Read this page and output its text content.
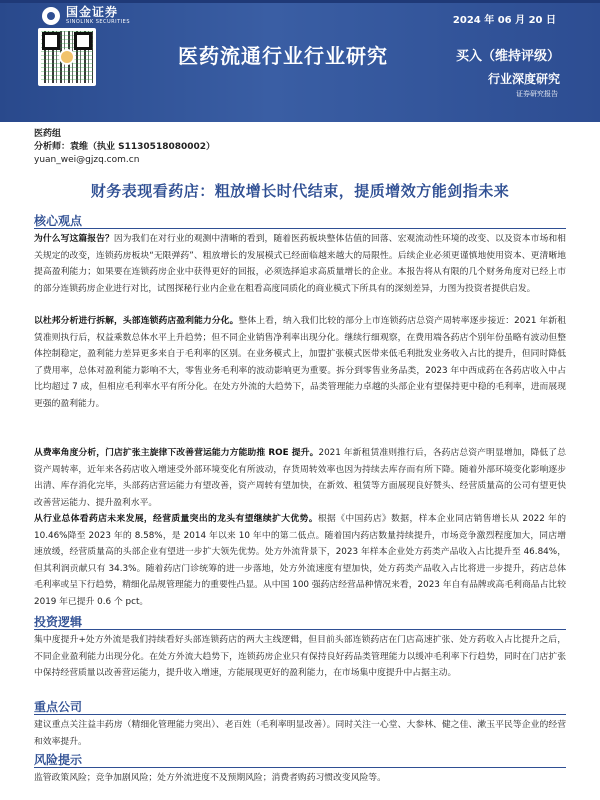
国金证券
SINOLINK SECURITIES	2024 年 06 月 20 日
医药流通行业行业研究	买入（维持评级）
行业深度研究
证券研究报告
医药组
分析师：袁维（执业 S1130518080002）
yuan_wei@gjzq.com.cn
财务表现看药店：粗放增长时代结束，提质增效方能剑指未来
核心观点
为什么写这篇报告？因为我们在对行业的观测中清晰的看到，随着医药板块整体估值的回落、宏观流动性环境的改变、以及资本市场和相关规定的改变，连锁药房板块“无限弹药”、粗放增长的发展模式已经面临越来越大的局限性。后续企业必须更谨慎地使用资本、更清晰地提高盈利能力；如果要在连锁药房企业中获得更好的回报，必须选择追求高质量增长的企业。本报告将从有限的几个财务角度对已经上市的部分连锁药房企业进行对比，试图探秘行业内企业在粗看高度同质化的商业模式下所具有的深刻差异，力图为投资者提供启发。
以杜邦分析进行拆解，头部连锁药店盈利能力分化。整体上看，纳入我们比较的部分上市连锁药店总资产周转率逐步接近：2021 年新租赁准则执行后，权益乘数总体水平上升趋势；但不同企业销售净利率出现分化。继续行细观察，在费用端各药店个别年份虽略有波动但整体控制稳定，盈利能力差异更多来自于毛利率的区别。在业务模式上，加盟扩张模式医带来低毛利批发业务收入占比的提升，但同时降低了费用率，总体对盈利能力影响不大，零售业务毛利率的波动影响更为重要。拆分到零售业务品类，2023 年中西成药在各药店收入中占比均超过 7 成，但相应毛利率水平有所分化。在处方外流的大趋势下，品类管理能力卓越的头部企业有望保持更中稳的毛利率，进而展现更强的盈利能力。
从费率角度分析，门店扩张主旋律下改善营运能力方能助推 ROE 提升。2021 年新租赁准则推行后，各药店总资产明显增加，降低了总资产周转率，近年来各药店收入增速受外部环境变化有所波动，存货周转效率也因为持续去库存而有所下降。随着外部环境变化影响逐步出清、库存消化完毕，头部药店营运能力有望改善，资产周转有望加快，在新效、租赁等方面展现良好赞头、经营质量高的公司有望更快改善营运能力、提升盈利水平。
从行业总体看药店未来发展，经营质量突出的龙头有望继续扩大优势。根据《中国药店》数据，样本企业同店销售增长从 2022 年的 10.46%降至 2023 年的 8.58%，是 2014 年以来 10 年中的第二低点。随着国内药店数量持续提升，市场竞争激烈程度加大，同店增速放缓，经营质量高的头部企业有望进一步扩大领先优势。处方外流背景下，2023 年样本企业处方药类产品收入占比提升至 46.84%，但其利润贡献只有 34.3%。随着药店门诊统筹的进一步落地，处方外流速度有望加快，处方药类产品收入占比将进一步提升，药店总体毛利率或呈下行趋势，精细化品规管理能力的重要性凸显。从中国 100 强药店经营品种情况来看，2023 年自有品牌或高毛利商品占比较 2019 年已提升 0.6 个 pct。
投资逻辑
集中度提升+处方外流是我们持续看好头部连锁药店的两大主线逻辑，但目前头部连锁药店在门店高速扩张、处方药收入占比提升之后，不同企业盈利能力出现分化。在处方外流大趋势下，连锁药房企业只有保持良好药品类管理能力以缓冲毛利率下行趋势，同时在门店扩张中保持经营质量以改善营运能力，提升收入增速，方能展现更好的盈利能力，在市场集中度提升中占据主动。
重点公司
建议重点关注益丰药房（精细化管理能力突出）、老百姓（毛利率明显改善）。同时关注一心堂、大参林、健之佳、漱玉平民等企业的经营和效率提升。
风险提示
监管政策风险；竞争加剧风险；处方外流进度不及预期风险；消费者购药习惯改变风险等。
